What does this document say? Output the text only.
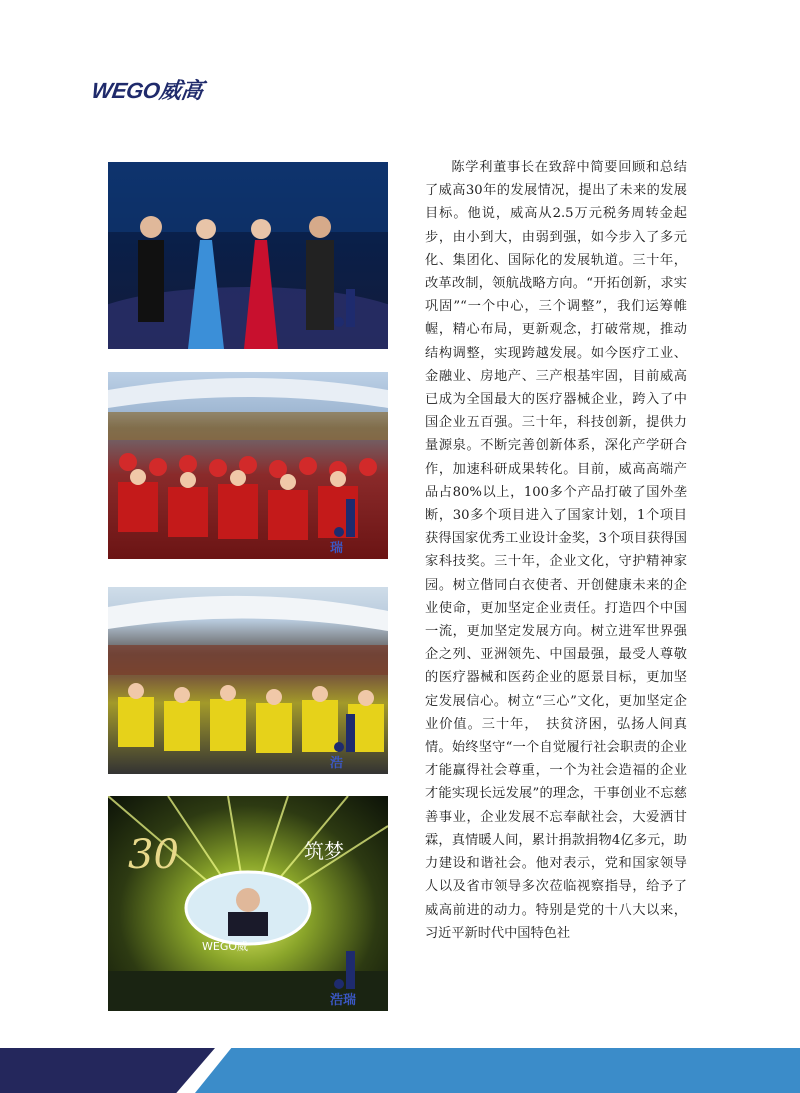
WEGO威高
瑞
浩
30	筑梦
WEGO威
浩瑞

陈学利董事长在致辞中简要回顾和总结了威高30年的发展情况，提出了未来的发展目标。他说，威高从2.5万元税务周转金起步，由小到大，由弱到强，如今步入了多元化、集团化、国际化的发展轨道。三十年，改革改制，领航战略方向。“开拓创新，求实巩固”“一个中心，三个调整”，我们运筹帷幄，精心布局，更新观念，打破常规，推动结构调整，实现跨越发展。如今医疗工业、金融业、房地产、三产根基牢固，目前威高已成为全国最大的医疗器械企业，跨入了中国企业五百强。三十年，科技创新，提供力量源泉。不断完善创新体系，深化产学研合作，加速科研成果转化。目前，威高高端产品占80%以上，100多个产品打破了国外垄断，30多个项目进入了国家计划，1个项目获得国家优秀工业设计金奖，3个项目获得国家科技奖。三十年，企业文化，守护精神家园。树立偕同白衣使者、开创健康未来的企业使命，更加坚定企业责任。打造四个中国一流，更加坚定发展方向。树立进军世界强企之列、亚洲领先、中国最强，最受人尊敬的医疗器械和医药企业的愿景目标，更加坚定发展信心。树立“三心”文化，更加坚定企业价值。三十年，　扶贫济困，弘扬人间真情。始终坚守“一个自觉履行社会职责的企业才能赢得社会尊重，一个为社会造福的企业才能实现长远发展”的理念，干事创业不忘慈善事业，企业发展不忘奉献社会，大爱洒甘霖，真情暖人间，累计捐款捐物4亿多元，助力建设和谐社会。他对表示，党和国家领导人以及省市领导多次莅临视察指导，给予了威高前进的动力。特别是党的十八大以来，习近平新时代中国特色社
